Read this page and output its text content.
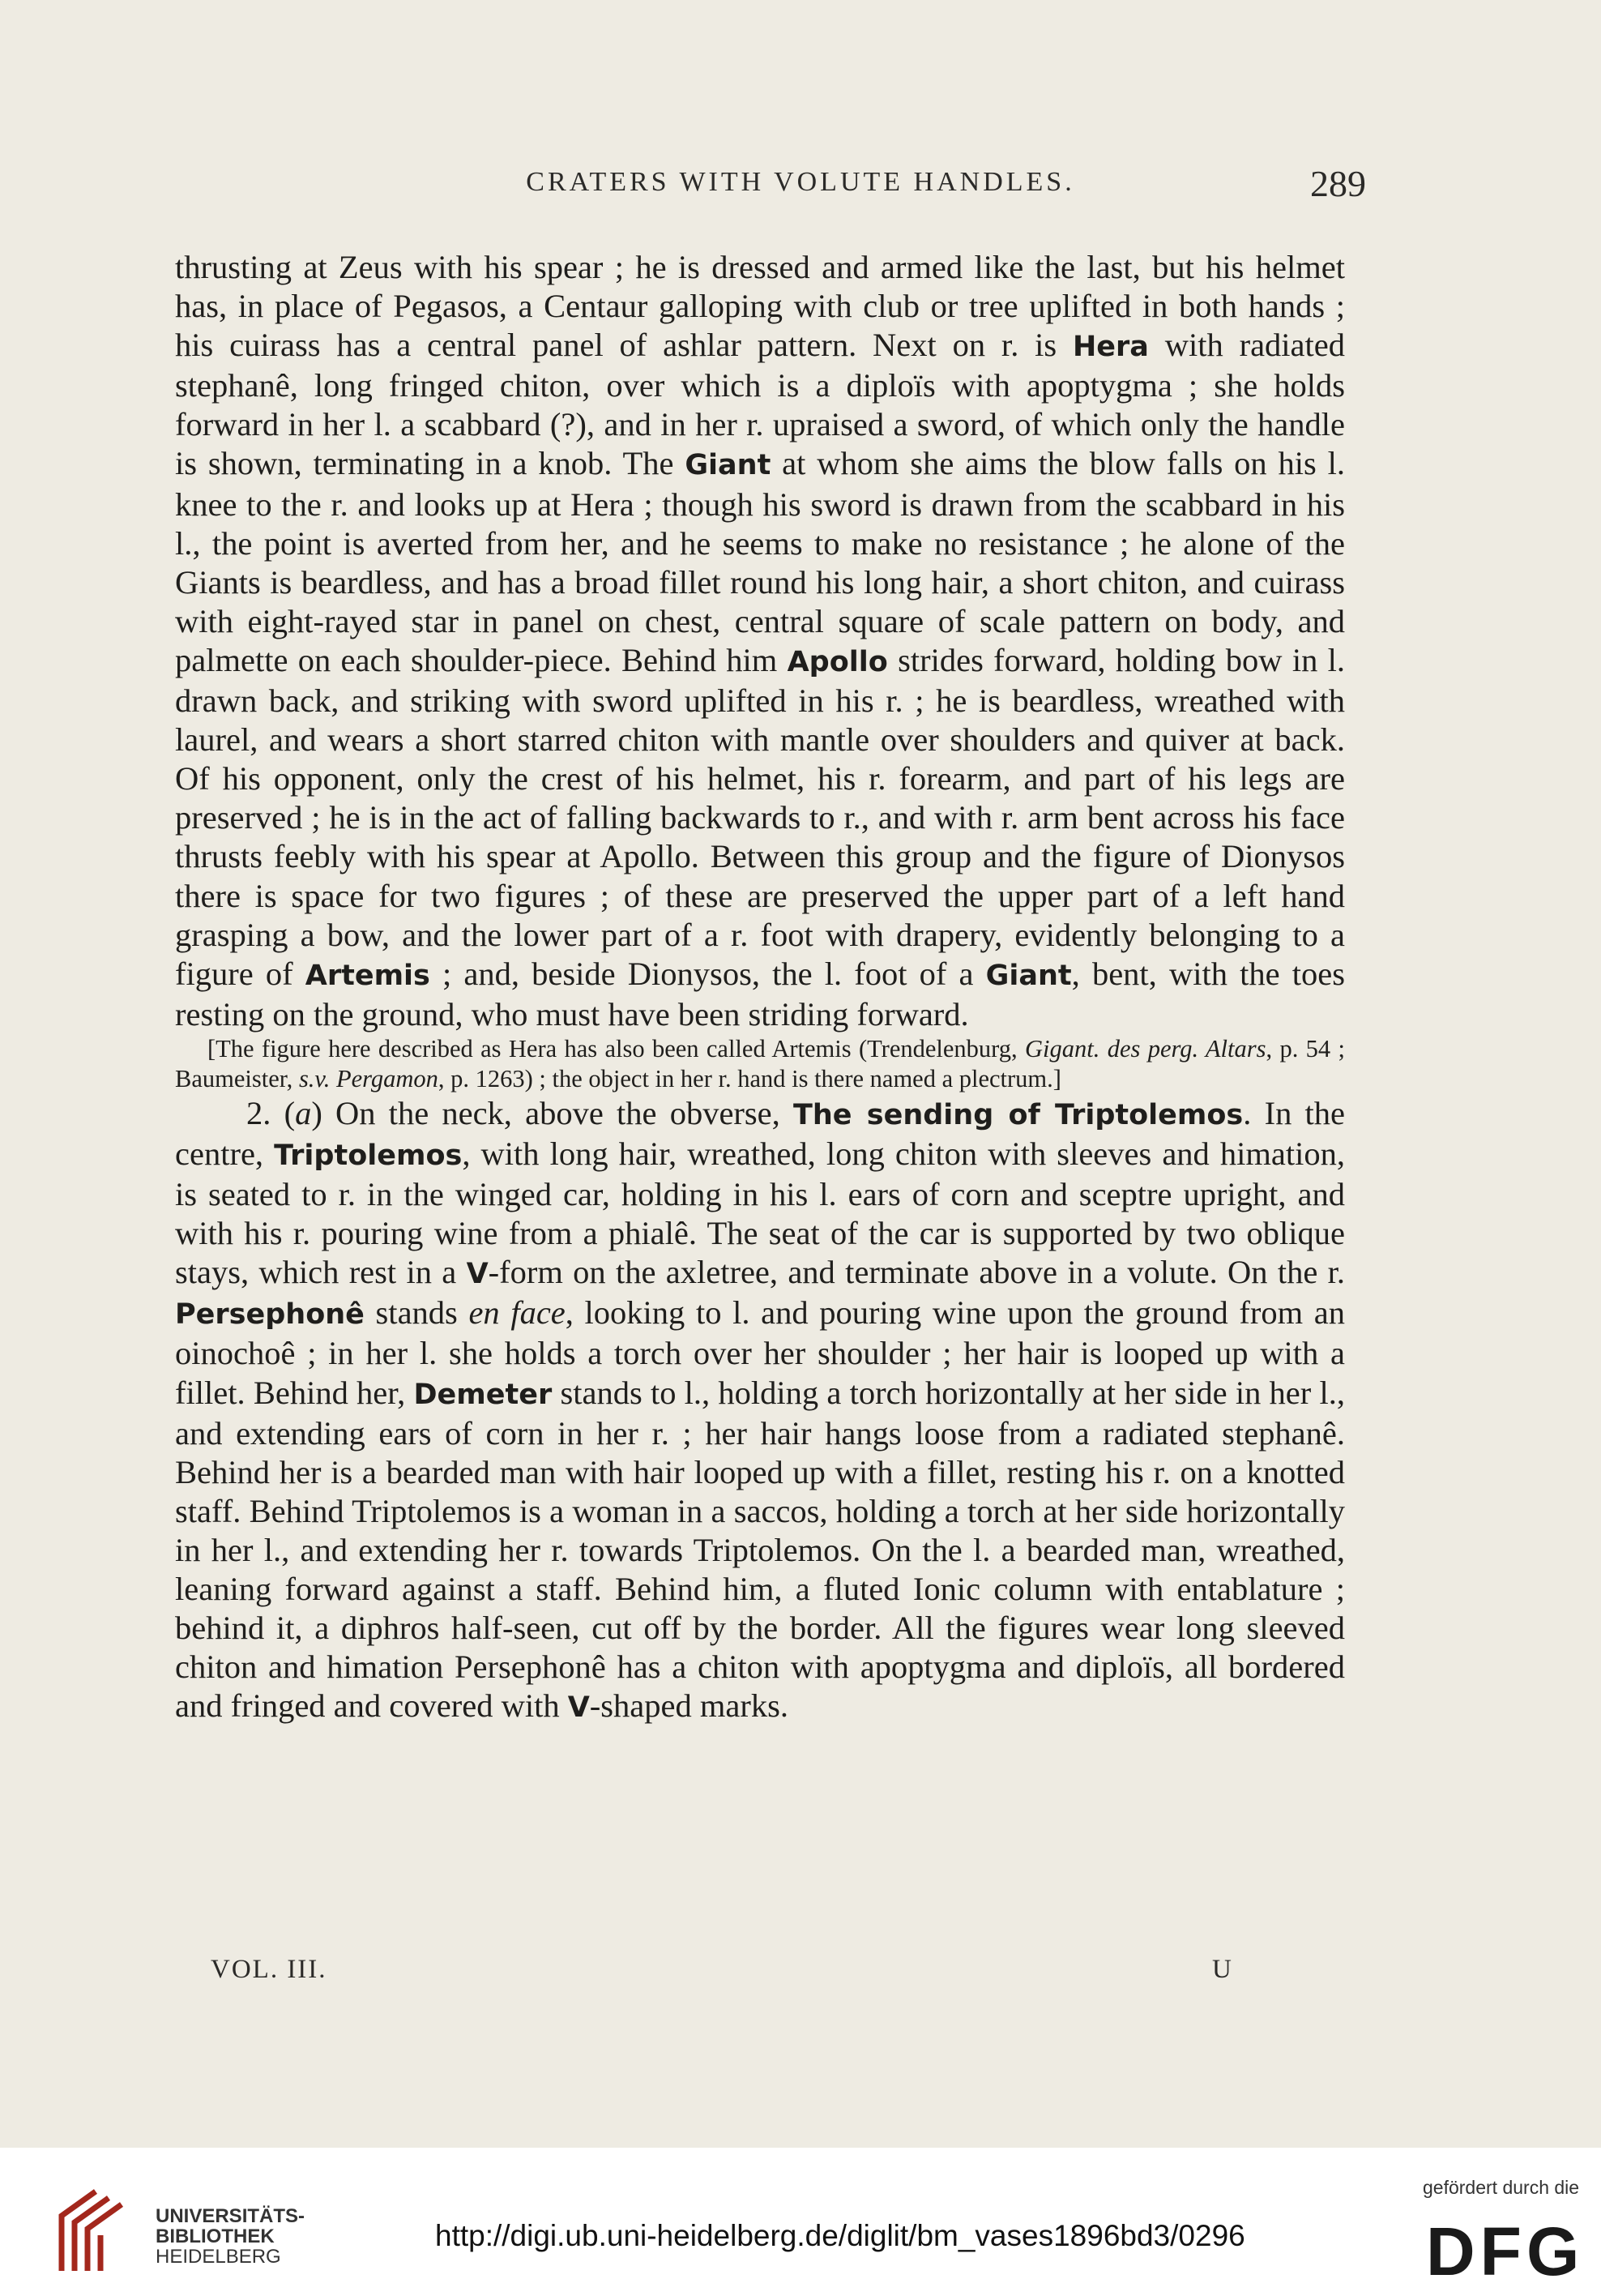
CRATERS WITH VOLUTE HANDLES.	289

thrusting at Zeus with his spear ; he is dressed and armed like the last, but his helmet has, in place of Pegasos, a Centaur galloping with club or tree uplifted in both hands ; his cuirass has a central panel of ashlar pattern. Next on r. is Hera with radiated stephanê, long fringed chiton, over which is a diploïs with apoptygma ; she holds forward in her l. a scabbard (?), and in her r. upraised a sword, of which only the handle is shown, terminating in a knob. The Giant at whom she aims the blow falls on his l. knee to the r. and looks up at Hera ; though his sword is drawn from the scabbard in his l., the point is averted from her, and he seems to make no resistance ; he alone of the Giants is beardless, and has a broad fillet round his long hair, a short chiton, and cuirass with eight-rayed star in panel on chest, central square of scale pattern on body, and palmette on each shoulder-piece. Behind him Apollo strides forward, holding bow in l. drawn back, and striking with sword uplifted in his r. ; he is beardless, wreathed with laurel, and wears a short starred chiton with mantle over shoulders and quiver at back. Of his opponent, only the crest of his helmet, his r. forearm, and part of his legs are preserved ; he is in the act of falling backwards to r., and with r. arm bent across his face thrusts feebly with his spear at Apollo. Between this group and the figure of Dionysos there is space for two figures ; of these are preserved the upper part of a left hand grasping a bow, and the lower part of a r. foot with drapery, evidently belonging to a figure of Artemis ; and, beside Dionysos, the l. foot of a Giant, bent, with the toes resting on the ground, who must have been striding forward.

[The figure here described as Hera has also been called Artemis (Trendelenburg, Gigant. des perg. Altars, p. 54 ; Baumeister, s.v. Pergamon, p. 1263) ; the object in her r. hand is there named a plectrum.]

2. (a) On the neck, above the obverse, The sending of Triptolemos. In the centre, Triptolemos, with long hair, wreathed, long chiton with sleeves and himation, is seated to r. in the winged car, holding in his l. ears of corn and sceptre upright, and with his r. pouring wine from a phialê. The seat of the car is supported by two oblique stays, which rest in a V-form on the axletree, and terminate above in a volute. On the r. Persephonê stands en face, looking to l. and pouring wine upon the ground from an oinochoê ; in her l. she holds a torch over her shoulder ; her hair is looped up with a fillet. Behind her, Demeter stands to l., holding a torch horizontally at her side in her l., and extending ears of corn in her r. ; her hair hangs loose from a radiated stephanê. Behind her is a bearded man with hair looped up with a fillet, resting his r. on a knotted staff. Behind Triptolemos is a woman in a saccos, holding a torch at her side horizontally in her l., and extending her r. towards Triptolemos. On the l. a bearded man, wreathed, leaning forward against a staff. Behind him, a fluted Ionic column with entablature ; behind it, a diphros half-seen, cut off by the border. All the figures wear long sleeved chiton and himation Persephonê has a chiton with apoptygma and diploïs, all bordered and fringed and covered with V-shaped marks.

VOL. III.	U
UNIVERSITÄTS-
BIBLIOTHEK
HEIDELBERG
http://digi.ub.uni-heidelberg.de/diglit/bm_vases1896bd3/0296
gefördert durch die
DFG
